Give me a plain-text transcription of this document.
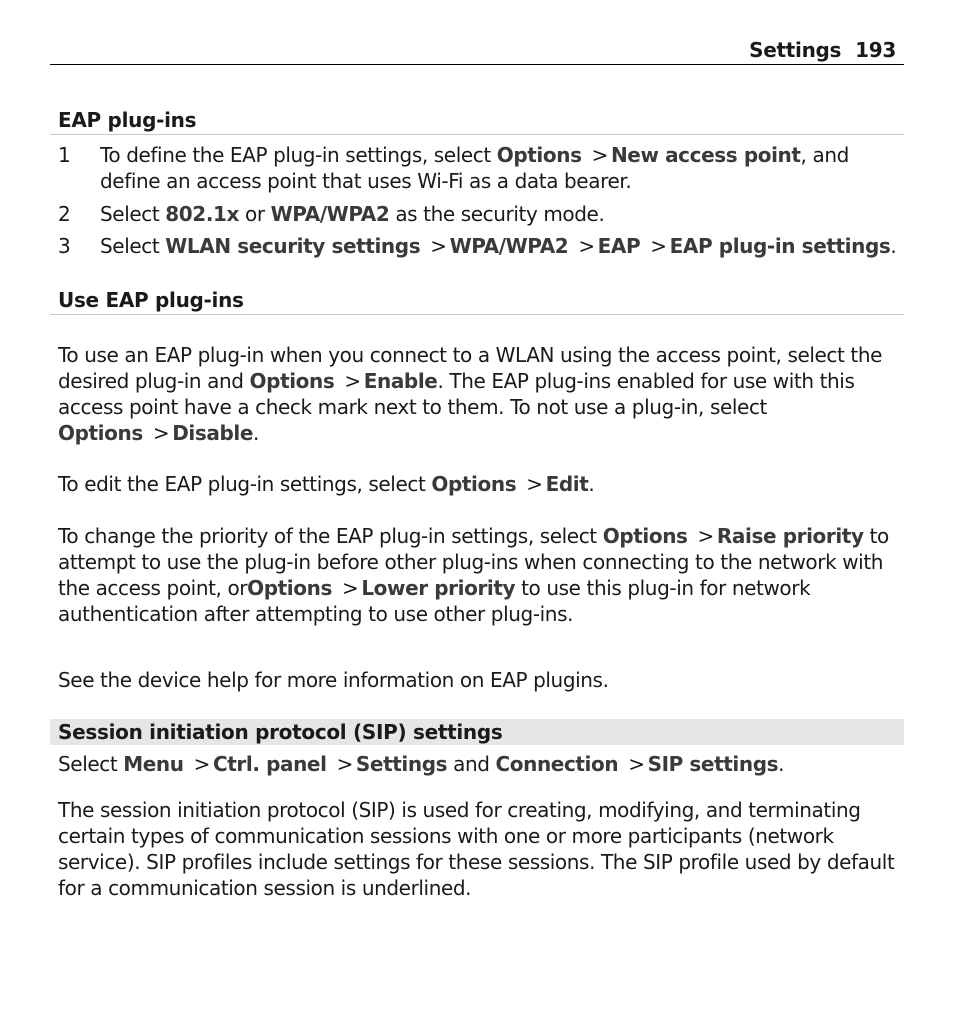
Settings 193
EAP plug-ins
1 To define the EAP plug-in settings, select Options > New access point, and define an access point that uses Wi-Fi as a data bearer.
2 Select 802.1x or WPA/WPA2 as the security mode.
3 Select WLAN security settings > WPA/WPA2 > EAP > EAP plug-in settings.
Use EAP plug-ins
To use an EAP plug-in when you connect to a WLAN using the access point, select the desired plug-in and Options > Enable. The EAP plug-ins enabled for use with this access point have a check mark next to them. To not use a plug-in, select Options > Disable.
To edit the EAP plug-in settings, select Options > Edit.
To change the priority of the EAP plug-in settings, select Options > Raise priority to attempt to use the plug-in before other plug-ins when connecting to the network with the access point, orOptions > Lower priority to use this plug-in for network authentication after attempting to use other plug-ins.
See the device help for more information on EAP plugins.
Session initiation protocol (SIP) settings
Select Menu > Ctrl. panel > Settings and Connection > SIP settings.
The session initiation protocol (SIP) is used for creating, modifying, and terminating certain types of communication sessions with one or more participants (network service). SIP profiles include settings for these sessions. The SIP profile used by default for a communication session is underlined.
